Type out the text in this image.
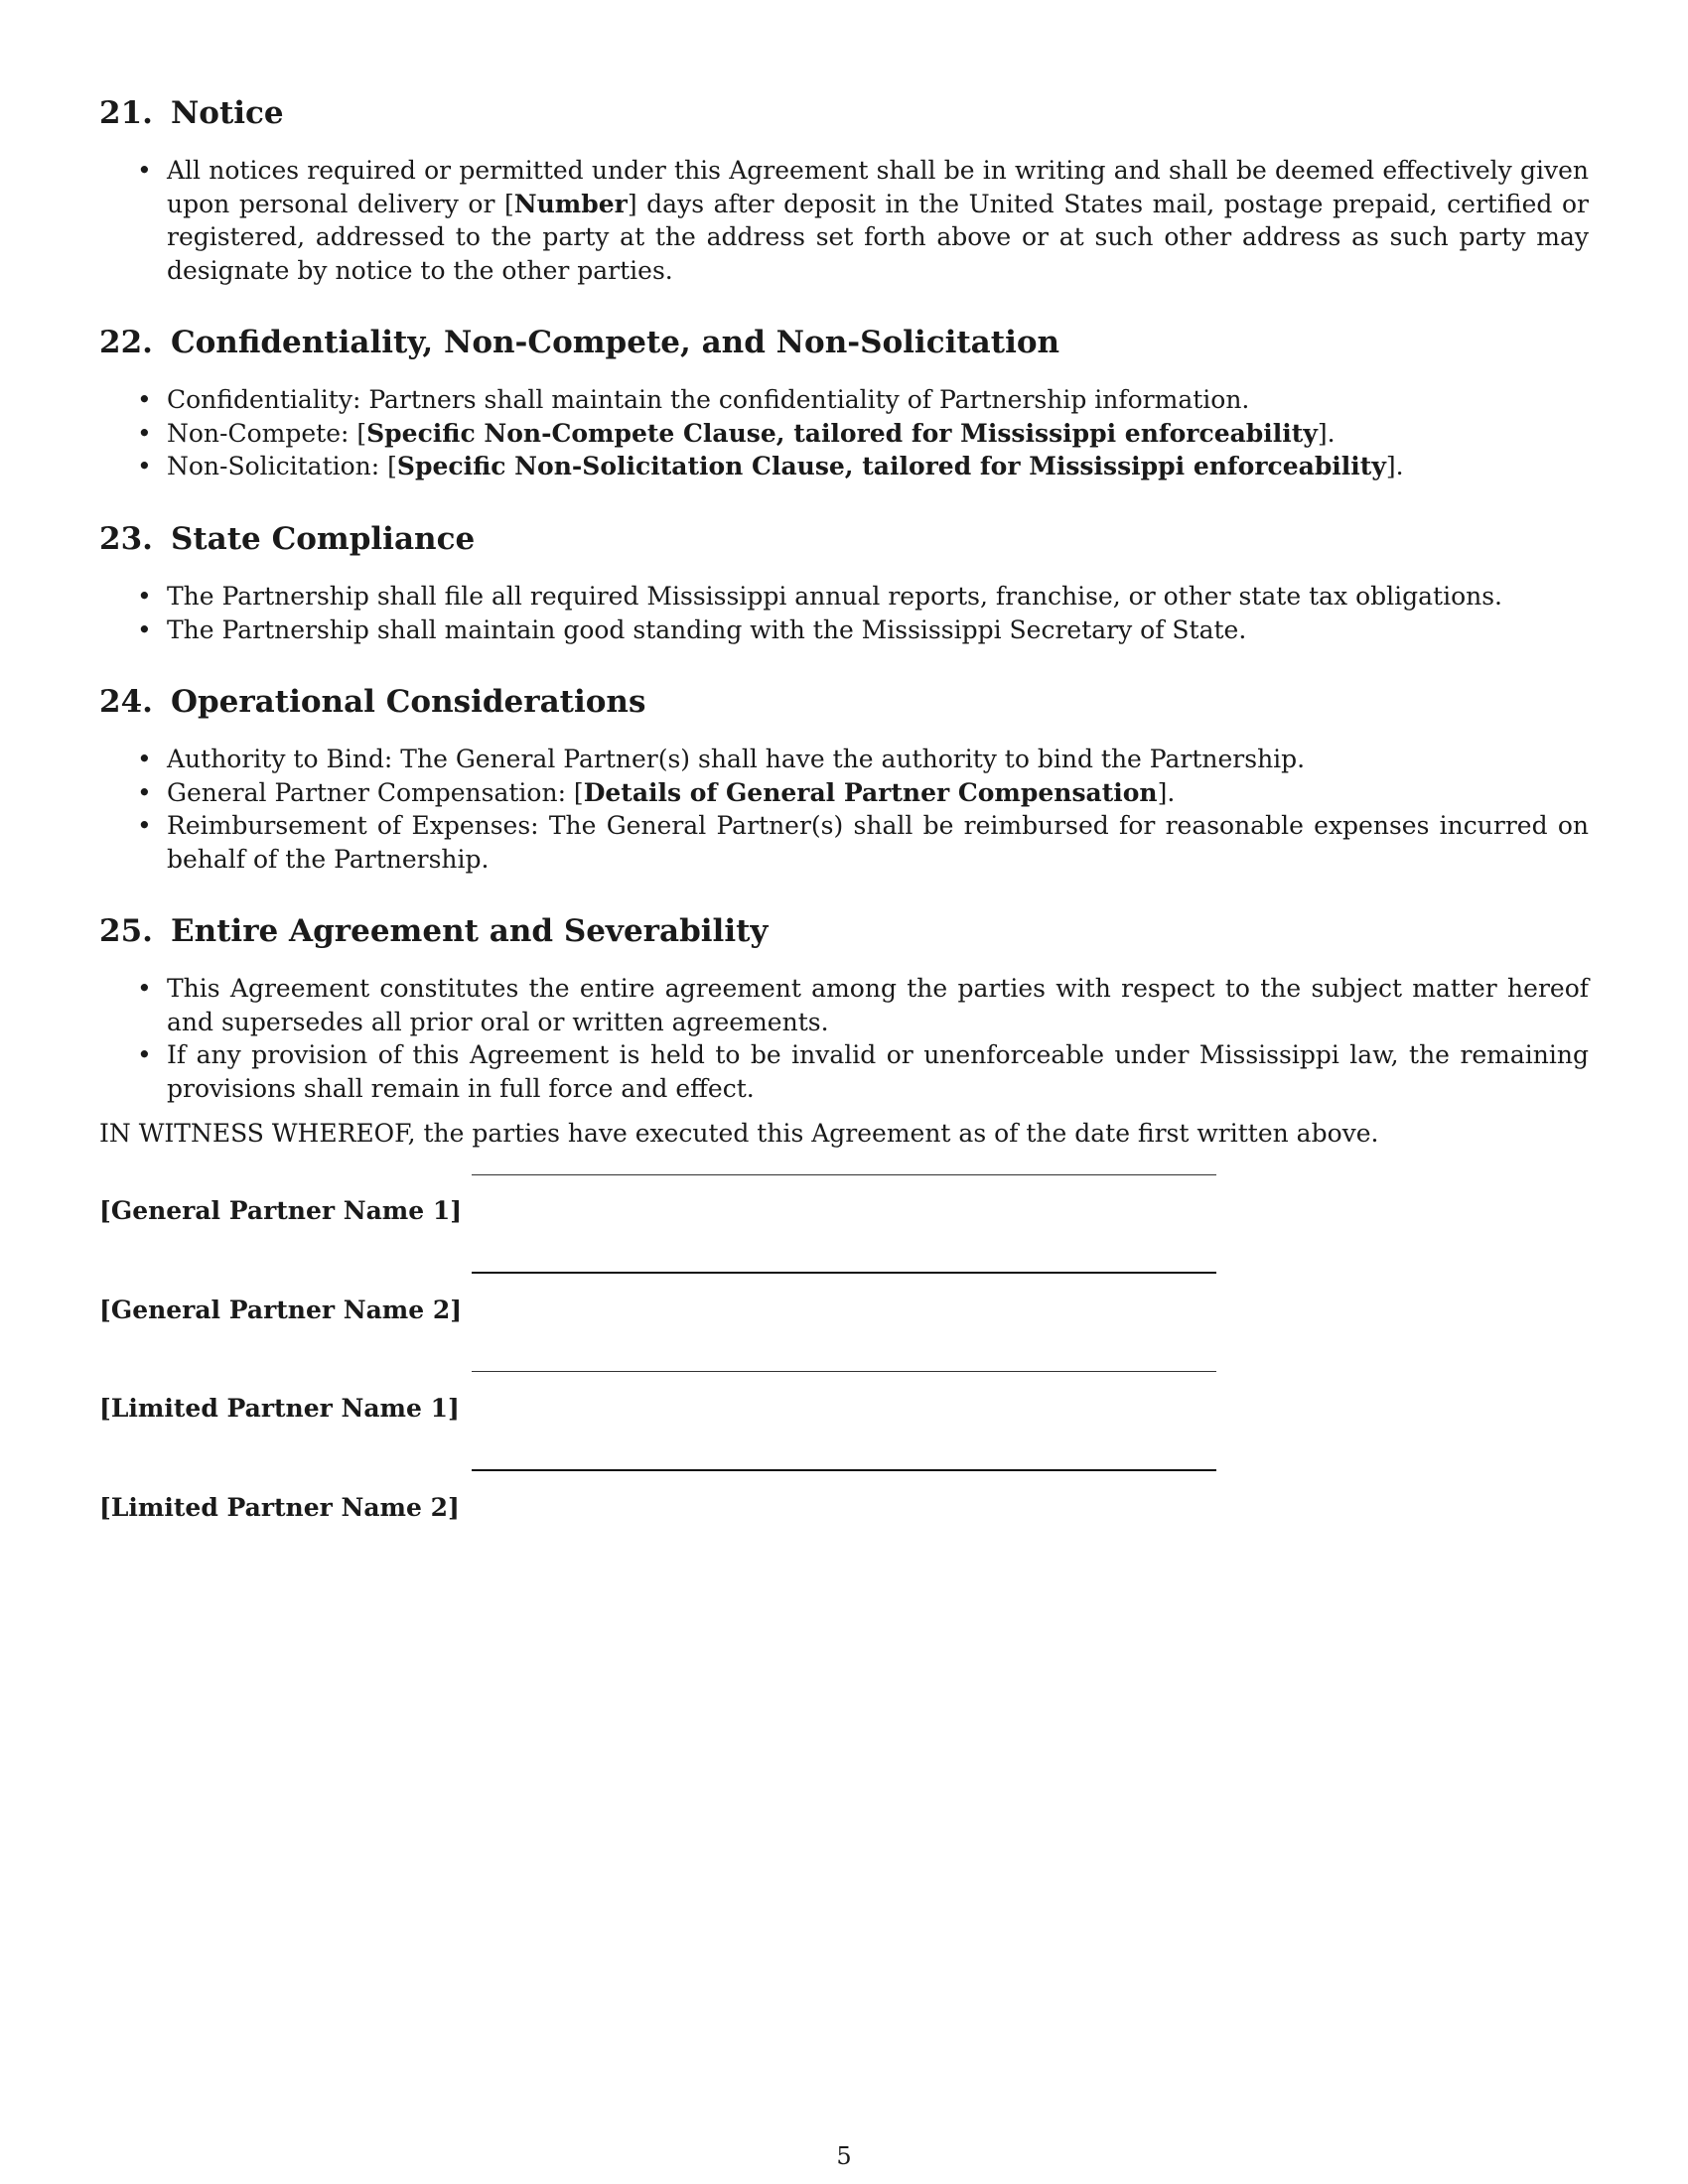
21. Notice
• All notices required or permitted under this Agreement shall be in writing and shall be deemed effectively given upon personal delivery or [Number] days after deposit in the United States mail, postage prepaid, certified or registered, addressed to the party at the address set forth above or at such other address as such party may designate by notice to the other parties.
22. Confidentiality, Non-Compete, and Non-Solicitation
• Confidentiality: Partners shall maintain the confidentiality of Partnership information.
• Non-Compete: [Specific Non-Compete Clause, tailored for Mississippi enforceability].
• Non-Solicitation: [Specific Non-Solicitation Clause, tailored for Mississippi enforceability].
23. State Compliance
• The Partnership shall file all required Mississippi annual reports, franchise, or other state tax obligations.
• The Partnership shall maintain good standing with the Mississippi Secretary of State.
24. Operational Considerations
• Authority to Bind: The General Partner(s) shall have the authority to bind the Partnership.
• General Partner Compensation: [Details of General Partner Compensation].
• Reimbursement of Expenses: The General Partner(s) shall be reimbursed for reasonable expenses incurred on behalf of the Partnership.
25. Entire Agreement and Severability
• This Agreement constitutes the entire agreement among the parties with respect to the subject matter hereof and supersedes all prior oral or written agreements.
• If any provision of this Agreement is held to be invalid or unenforceable under Mississippi law, the remaining provisions shall remain in full force and effect.

IN WITNESS WHEREOF, the parties have executed this Agreement as of the date first written above.

[General Partner Name 1]
[General Partner Name 2]
[Limited Partner Name 1]
[Limited Partner Name 2]
5
